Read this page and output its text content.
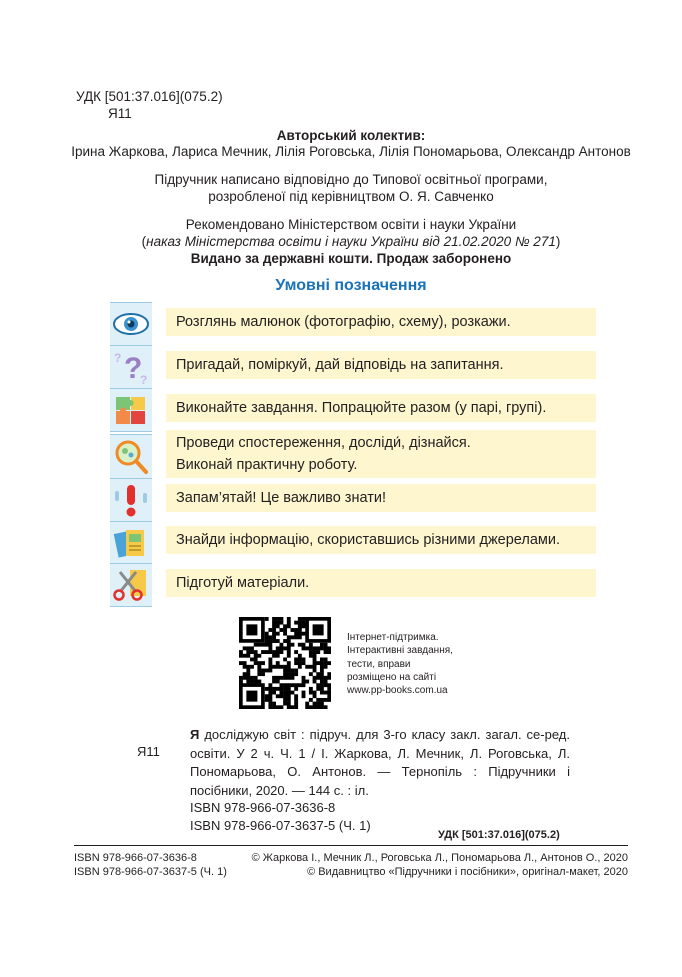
УДК [501:37.016](075.2)
Я11
Авторський колектив:
Ірина Жаркова, Лариса Мечник, Лілія Роговська, Лілія Пономарьова, Олександр Антонов
Підручник написано відповідно до Типової освітньої програми,
розробленої під керівництвом О. Я. Савченко
Рекомендовано Міністерством освіти і науки України
(наказ Міністерства освіти і науки України від 21.02.2020 № 271)
Видано за державні кошти. Продаж заборонено
Умовні позначення
Розглянь малюнок (фотографію, схему), розкажи.
?
?
?
Пригадай, поміркуй, дай відповідь на запитання.
Виконайте завдання. Попрацюйте разом (у парі, групі).
Проведи спостереження, досліди́, дізнайся.
Виконай практичну роботу.
Запам’ятай! Це важливо знати!
Знайди інформацію, скориставшись різними джерелами.
Підготуй матеріали.
Інтернет-підтримка.
Інтерактивні завдання,
тести, вправи
розміщено на сайті
www.pp-books.com.ua
Я11
Я досліджую світ : підруч. для 3-го класу закл. загал. се-ред. освіти. У 2 ч. Ч. 1 / І. Жаркова, Л. Мечник, Л. Роговська, Л. Пономарьова, О. Антонов. — Тернопіль : Підручники і посібники, 2020. — 144 с. : іл.
ISBN 978-966-07-3636-8
ISBN 978-966-07-3637-5 (Ч. 1)
УДК [501:37.016](075.2)
ISBN 978-966-07-3636-8
ISBN 978-966-07-3637-5 (Ч. 1)
© Жаркова І., Мечник Л., Роговська Л., Пономарьова Л., Антонов О., 2020
© Видавництво «Підручники і посібники», оригінал-макет, 2020
